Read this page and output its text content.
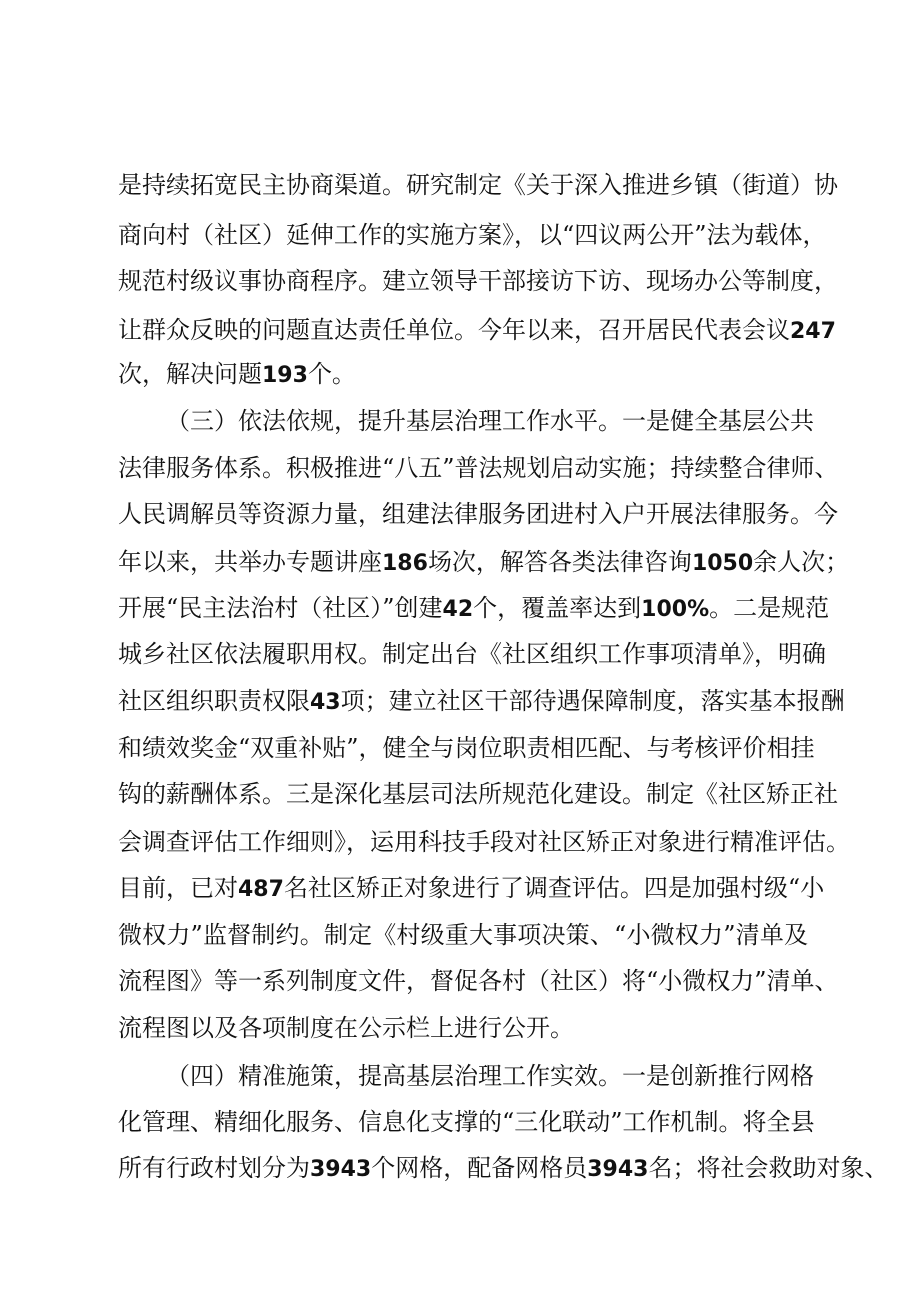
是持续拓宽民主协商渠道。研究制定《关于深入推进乡镇（街道）协
商向村（社区）延伸工作的实施方案》，以“四议两公开”法为载体，
规范村级议事协商程序。建立领导干部接访下访、现场办公等制度，
让群众反映的问题直达责任单位。今年以来，召开居民代表会议247
次，解决问题193个。
（三）依法依规，提升基层治理工作水平。一是健全基层公共
法律服务体系。积极推进“八五”普法规划启动实施；持续整合律师、
人民调解员等资源力量，组建法律服务团进村入户开展法律服务。今
年以来，共举办专题讲座186场次，解答各类法律咨询1050余人次；
开展“民主法治村（社区）”创建42个，覆盖率达到100%。二是规范
城乡社区依法履职用权。制定出台《社区组织工作事项清单》，明确
社区组织职责权限43项；建立社区干部待遇保障制度，落实基本报酬
和绩效奖金“双重补贴”，健全与岗位职责相匹配、与考核评价相挂
钩的薪酬体系。三是深化基层司法所规范化建设。制定《社区矫正社
会调查评估工作细则》，运用科技手段对社区矫正对象进行精准评估。
目前，已对487名社区矫正对象进行了调查评估。四是加强村级“小
微权力”监督制约。制定《村级重大事项决策、“小微权力”清单及
流程图》等一系列制度文件，督促各村（社区）将“小微权力”清单、
流程图以及各项制度在公示栏上进行公开。
（四）精准施策，提高基层治理工作实效。一是创新推行网格
化管理、精细化服务、信息化支撑的“三化联动”工作机制。将全县
所有行政村划分为3943个网格，配备网格员3943名；将社会救助对象、
